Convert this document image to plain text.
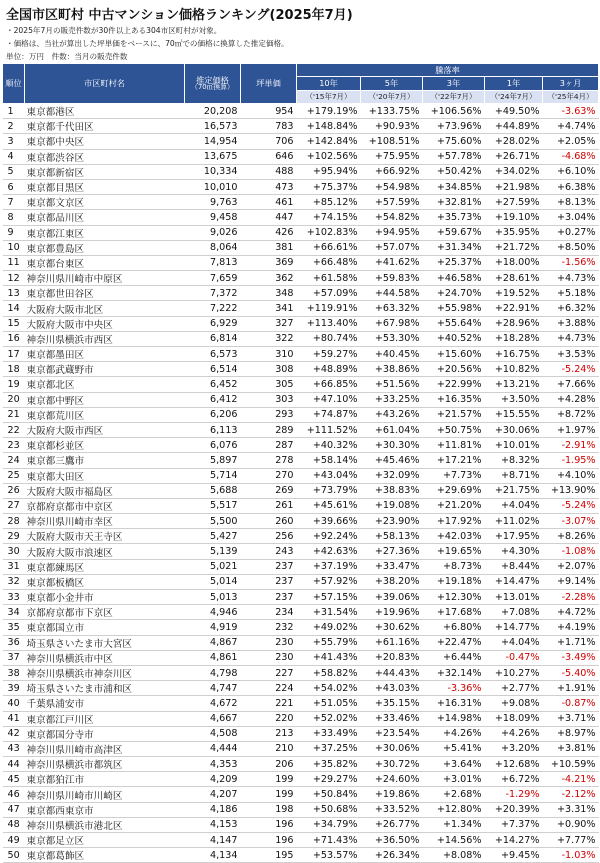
全国市区町村 中古マンション価格ランキング(2025年7月)
・2025年7月の販売件数が30件以上ある304市区町村が対象。
・価格は、当社が算出した坪単価をベースに、70㎡での価格に換算した推定価格。
単位：万円　件数：当月の販売件数
順位	市区町村名	推定価格
（70㎡換算）	坪単価	騰落率				
				10年	5年	3年	1年	3ヶ月
				（'15年7月）	（'20年7月）	（'22年7月）	（'24年7月）	（'25年4月）
1	東京都港区	20,208	954	+179.19%	+133.75%	+106.56%	+49.50%	-3.63%
2	東京都千代田区	16,573	783	+148.84%	+90.93%	+73.96%	+44.89%	+4.74%
3	東京都中央区	14,954	706	+142.84%	+108.51%	+75.60%	+28.02%	+2.05%
4	東京都渋谷区	13,675	646	+102.56%	+75.95%	+57.78%	+26.71%	-4.68%
5	東京都新宿区	10,334	488	+95.94%	+66.92%	+50.42%	+34.02%	+6.10%
6	東京都目黒区	10,010	473	+75.37%	+54.98%	+34.85%	+21.98%	+6.38%
7	東京都文京区	9,763	461	+85.12%	+57.59%	+32.81%	+27.59%	+8.13%
8	東京都品川区	9,458	447	+74.15%	+54.82%	+35.73%	+19.10%	+3.04%
9	東京都江東区	9,026	426	+102.83%	+94.95%	+59.67%	+35.95%	+0.27%
10	東京都豊島区	8,064	381	+66.61%	+57.07%	+31.34%	+21.72%	+8.50%
11	東京都台東区	7,813	369	+66.48%	+41.62%	+25.37%	+18.00%	-1.56%
12	神奈川県川崎市中原区	7,659	362	+61.58%	+59.83%	+46.58%	+28.61%	+4.73%
13	東京都世田谷区	7,372	348	+57.09%	+44.58%	+24.70%	+19.52%	+5.18%
14	大阪府大阪市北区	7,222	341	+119.91%	+63.32%	+55.98%	+22.91%	+6.32%
15	大阪府大阪市中央区	6,929	327	+113.40%	+67.98%	+55.64%	+28.96%	+3.88%
16	神奈川県横浜市西区	6,814	322	+80.74%	+53.30%	+40.52%	+18.28%	+4.73%
17	東京都墨田区	6,573	310	+59.27%	+40.45%	+15.60%	+16.75%	+3.53%
18	東京都武蔵野市	6,514	308	+48.89%	+38.86%	+20.56%	+10.82%	-5.24%
19	東京都北区	6,452	305	+66.85%	+51.56%	+22.99%	+13.21%	+7.66%
20	東京都中野区	6,412	303	+47.10%	+33.25%	+16.35%	+3.50%	+4.28%
21	東京都荒川区	6,206	293	+74.87%	+43.26%	+21.57%	+15.55%	+8.72%
22	大阪府大阪市西区	6,113	289	+111.52%	+61.04%	+50.75%	+30.06%	+1.97%
23	東京都杉並区	6,076	287	+40.32%	+30.30%	+11.81%	+10.01%	-2.91%
24	東京都三鷹市	5,897	278	+58.14%	+45.46%	+17.21%	+8.32%	-1.95%
25	東京都大田区	5,714	270	+43.04%	+32.09%	+7.73%	+8.71%	+4.10%
26	大阪府大阪市福島区	5,688	269	+73.79%	+38.83%	+29.69%	+21.75%	+13.90%
27	京都府京都市中京区	5,517	261	+45.61%	+19.08%	+21.20%	+4.04%	-5.24%
28	神奈川県川崎市幸区	5,500	260	+39.66%	+23.90%	+17.92%	+11.02%	-3.07%
29	大阪府大阪市天王寺区	5,427	256	+92.24%	+58.13%	+42.03%	+17.95%	+8.26%
30	大阪府大阪市浪速区	5,139	243	+42.63%	+27.36%	+19.65%	+4.30%	-1.08%
31	東京都練馬区	5,021	237	+37.19%	+33.47%	+8.73%	+8.44%	+2.07%
32	東京都板橋区	5,014	237	+57.92%	+38.20%	+19.18%	+14.47%	+9.14%
33	東京都小金井市	5,013	237	+57.15%	+39.06%	+12.30%	+13.01%	-2.28%
34	京都府京都市下京区	4,946	234	+31.54%	+19.96%	+17.68%	+7.08%	+4.72%
35	東京都国立市	4,919	232	+49.02%	+30.62%	+6.80%	+14.77%	+4.19%
36	埼玉県さいたま市大宮区	4,867	230	+55.79%	+61.16%	+22.47%	+4.04%	+1.71%
37	神奈川県横浜市中区	4,861	230	+41.43%	+20.83%	+6.44%	-0.47%	-3.49%
38	神奈川県横浜市神奈川区	4,798	227	+58.82%	+44.43%	+32.14%	+10.27%	-5.40%
39	埼玉県さいたま市浦和区	4,747	224	+54.02%	+43.03%	-3.36%	+2.77%	+1.91%
40	千葉県浦安市	4,672	221	+51.05%	+35.15%	+16.31%	+9.08%	-0.87%
41	東京都江戸川区	4,667	220	+52.02%	+33.46%	+14.98%	+18.09%	+3.71%
42	東京都国分寺市	4,508	213	+33.49%	+23.54%	+4.26%	+4.26%	+8.97%
43	神奈川県川崎市高津区	4,444	210	+37.25%	+30.06%	+5.41%	+3.20%	+3.81%
44	神奈川県横浜市都筑区	4,353	206	+35.82%	+30.72%	+3.64%	+12.68%	+10.59%
45	東京都狛江市	4,209	199	+29.27%	+24.60%	+3.01%	+6.72%	-4.21%
46	神奈川県川崎市川崎区	4,207	199	+50.84%	+19.86%	+2.68%	-1.29%	-2.12%
47	東京都西東京市	4,186	198	+50.68%	+33.52%	+12.80%	+20.39%	+3.31%
48	神奈川県横浜市港北区	4,153	196	+34.79%	+26.77%	+1.34%	+7.37%	+0.90%
49	東京都足立区	4,147	196	+71.43%	+36.50%	+14.56%	+14.27%	+7.77%
50	東京都葛飾区	4,134	195	+53.57%	+26.34%	+8.08%	+9.45%	-1.03%
